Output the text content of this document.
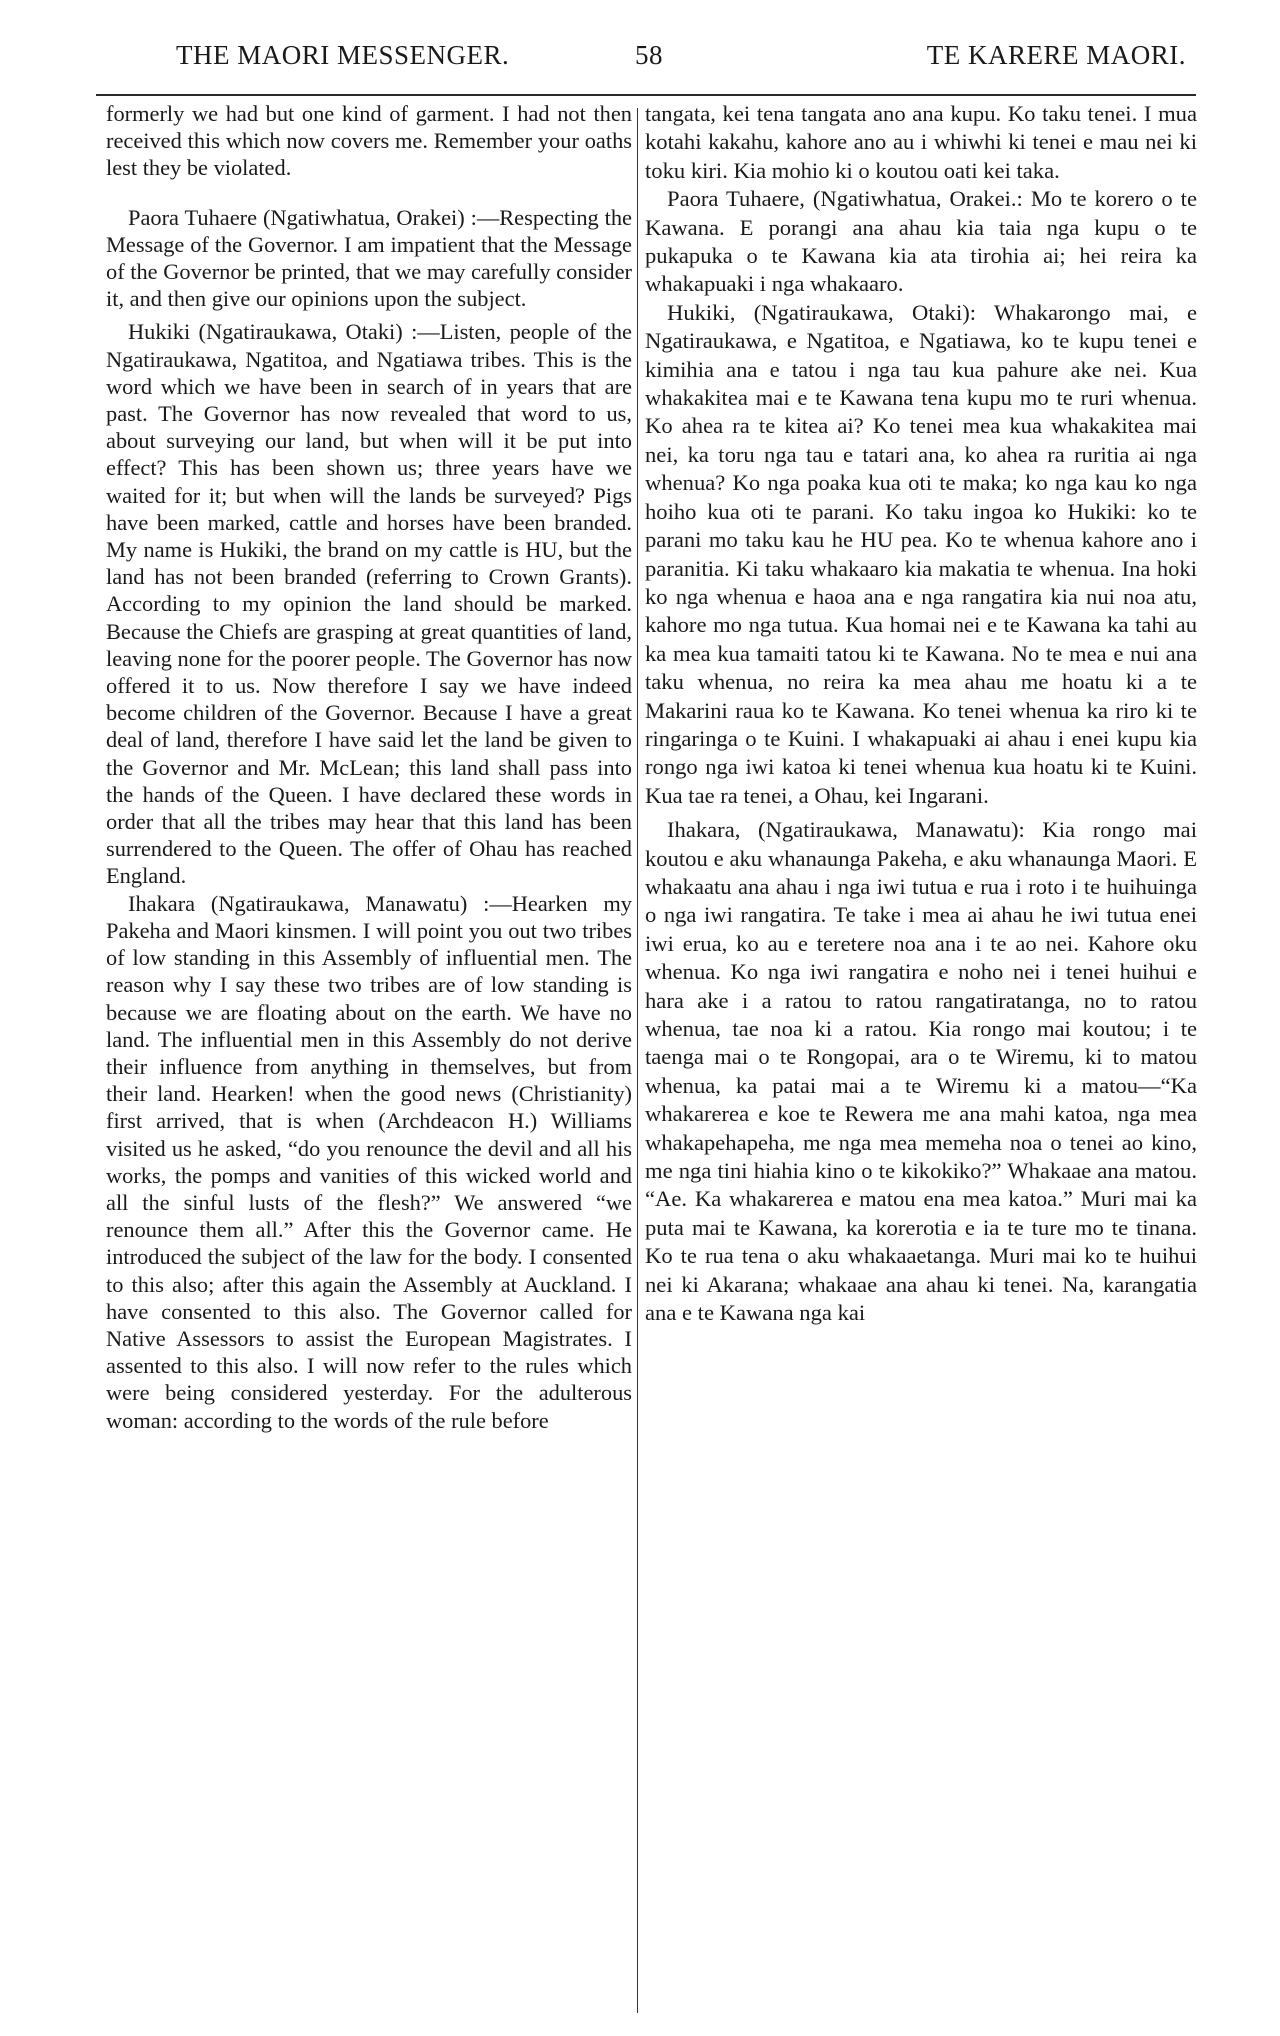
THE MAORI MESSENGER.	58	TE KARERE MAORI.

formerly we had but one kind of garment. I had not then received this which now covers me. Remember your oaths lest they be violated.

Paora Tuhaere (Ngatiwhatua, Orakei) :—Respecting the Message of the Governor. I am impatient that the Message of the Governor be printed, that we may carefully consider it, and then give our opinions upon the subject.

Hukiki (Ngatiraukawa, Otaki) :—Listen, people of the Ngatiraukawa, Ngatitoa, and Ngatiawa tribes. This is the word which we have been in search of in years that are past. The Governor has now revealed that word to us, about surveying our land, but when will it be put into effect? This has been shown us; three years have we waited for it; but when will the lands be surveyed? Pigs have been marked, cattle and horses have been branded. My name is Hukiki, the brand on my cattle is HU, but the land has not been branded (referring to Crown Grants). According to my opinion the land should be marked. Because the Chiefs are grasping at great quantities of land, leaving none for the poorer people. The Governor has now offered it to us. Now therefore I say we have indeed become children of the Governor. Because I have a great deal of land, therefore I have said let the land be given to the Governor and Mr. McLean; this land shall pass into the hands of the Queen. I have declared these words in order that all the tribes may hear that this land has been surrendered to the Queen. The offer of Ohau has reached England.

Ihakara (Ngatiraukawa, Manawatu) :—Hearken my Pakeha and Maori kinsmen. I will point you out two tribes of low standing in this Assembly of influential men. The reason why I say these two tribes are of low standing is because we are floating about on the earth. We have no land. The influential men in this Assembly do not derive their influence from anything in themselves, but from their land. Hearken! when the good news (Christianity) first arrived, that is when (Archdeacon H.) Williams visited us he asked, “do you renounce the devil and all his works, the pomps and vanities of this wicked world and all the sinful lusts of the flesh?” We answered “we renounce them all.” After this the Governor came. He introduced the subject of the law for the body. I consented to this also; after this again the Assembly at Auckland. I have consented to this also. The Governor called for Native Assessors to assist the European Magistrates. I assented to this also. I will now refer to the rules which were being considered yesterday. For the adulterous woman: according to the words of the rule before

tangata, kei tena tangata ano ana kupu. Ko taku tenei. I mua kotahi kakahu, kahore ano au i whiwhi ki tenei e mau nei ki toku kiri. Kia mohio ki o koutou oati kei taka.

Paora Tuhaere, (Ngatiwhatua, Orakei.: Mo te korero o te Kawana. E porangi ana ahau kia taia nga kupu o te pukapuka o te Kawana kia ata tirohia ai; hei reira ka whakapuaki i nga whakaaro.

Hukiki, (Ngatiraukawa, Otaki): Whakarongo mai, e Ngatiraukawa, e Ngatitoa, e Ngatiawa, ko te kupu tenei e kimihia ana e tatou i nga tau kua pahure ake nei. Kua whakakitea mai e te Kawana tena kupu mo te ruri whenua. Ko ahea ra te kitea ai? Ko tenei mea kua whakakitea mai nei, ka toru nga tau e tatari ana, ko ahea ra ruritia ai nga whenua? Ko nga poaka kua oti te maka; ko nga kau ko nga hoiho kua oti te parani. Ko taku ingoa ko Hukiki: ko te parani mo taku kau he HU pea. Ko te whenua kahore ano i paranitia. Ki taku whakaaro kia makatia te whenua. Ina hoki ko nga whenua e haoa ana e nga rangatira kia nui noa atu, kahore mo nga tutua. Kua homai nei e te Kawana ka tahi au ka mea kua tamaiti tatou ki te Kawana. No te mea e nui ana taku whenua, no reira ka mea ahau me hoatu ki a te Makarini raua ko te Kawana. Ko tenei whenua ka riro ki te ringaringa o te Kuini. I whakapuaki ai ahau i enei kupu kia rongo nga iwi katoa ki tenei whenua kua hoatu ki te Kuini. Kua tae ra tenei, a Ohau, kei Ingarani.

Ihakara, (Ngatiraukawa, Manawatu): Kia rongo mai koutou e aku whanaunga Pakeha, e aku whanaunga Maori. E whakaatu ana ahau i nga iwi tutua e rua i roto i te huihuinga o nga iwi rangatira. Te take i mea ai ahau he iwi tutua enei iwi erua, ko au e teretere noa ana i te ao nei. Kahore oku whenua. Ko nga iwi rangatira e noho nei i tenei huihui e hara ake i a ratou to ratou rangatiratanga, no to ratou whenua, tae noa ki a ratou. Kia rongo mai koutou; i te taenga mai o te Rongopai, ara o te Wiremu, ki to matou whenua, ka patai mai a te Wiremu ki a matou—“Ka whakarerea e koe te Rewera me ana mahi katoa, nga mea whakapehapeha, me nga mea memeha noa o tenei ao kino, me nga tini hiahia kino o te kikokiko?” Whakaae ana matou. “Ae. Ka whakarerea e matou ena mea katoa.” Muri mai ka puta mai te Kawana, ka korerotia e ia te ture mo te tinana. Ko te rua tena o aku whakaaetanga. Muri mai ko te huihui nei ki Akarana; whakaae ana ahau ki tenei. Na, karangatia ana e te Kawana nga kai
